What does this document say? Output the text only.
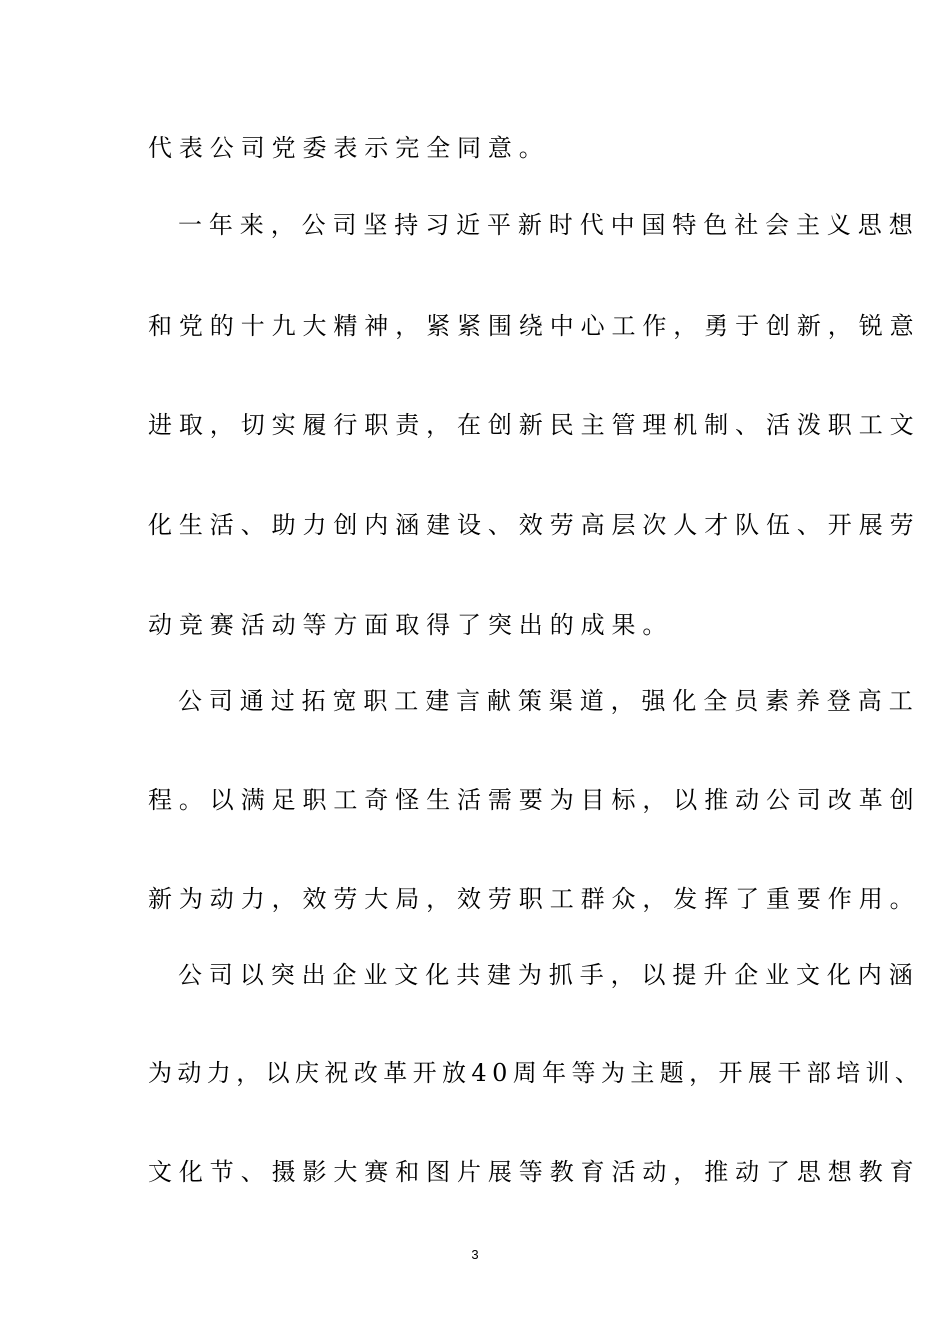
代表公司党委表示完全同意。
一年来，公司坚持习近平新时代中国特色社会主义思想
和党的十九大精神，紧紧围绕中心工作，勇于创新，锐意
进取，切实履行职责，在创新民主管理机制、活泼职工文
化生活、助力创内涵建设、效劳高层次人才队伍、开展劳
动竞赛活动等方面取得了突出的成果。
公司通过拓宽职工建言献策渠道，强化全员素养登高工
程。以满足职工奇怪生活需要为目标，以推动公司改革创
新为动力，效劳大局，效劳职工群众，发挥了重要作用。
公司以突出企业文化共建为抓手，以提升企业文化内涵
为动力，以庆祝改革开放40周年等为主题，开展干部培训、
文化节、摄影大赛和图片展等教育活动，推动了思想教育
3
